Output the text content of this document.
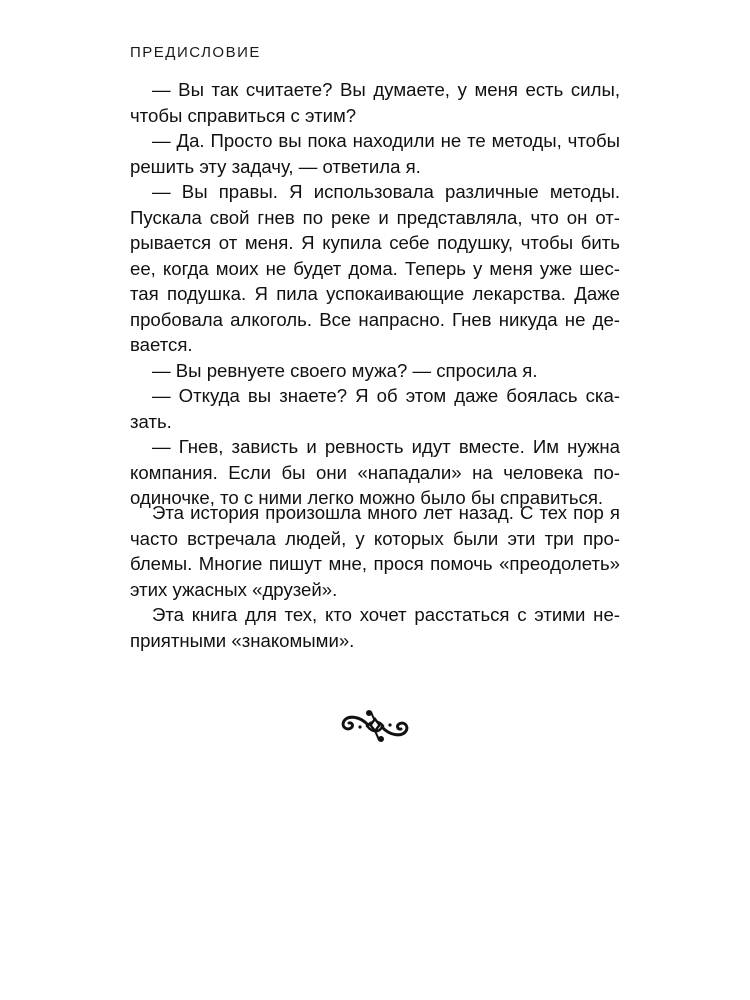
ПРЕДИСЛОВИЕ

— Вы так считаете? Вы думаете, у меня есть силы, чтобы справиться с этим?

— Да. Просто вы пока находили не те методы, чтобы решить эту задачу, — ответила я.

— Вы правы. Я использовала различные методы. Пускала свой гнев по реке и представляла, что он отрывается от меня. Я купила себе подушку, чтобы бить ее, когда моих не будет дома. Теперь у меня уже шестая подушка. Я пила успокаивающие лекарства. Даже пробовала алкоголь. Все напрасно. Гнев никуда не девается.

— Вы ревнуете своего мужа? — спросила я.

— Откуда вы знаете? Я об этом даже боялась сказать.

— Гнев, зависть и ревность идут вместе. Им нужна компания. Если бы они «нападали» на человека поодиночке, то с ними легко можно было бы справиться.

Эта история произошла много лет назад. С тех пор я часто встречала людей, у которых были эти три проблемы. Многие пишут мне, прося помочь «преодолеть» этих ужасных «друзей».

Эта книга для тех, кто хочет расстаться с этими неприятными «знакомыми».
